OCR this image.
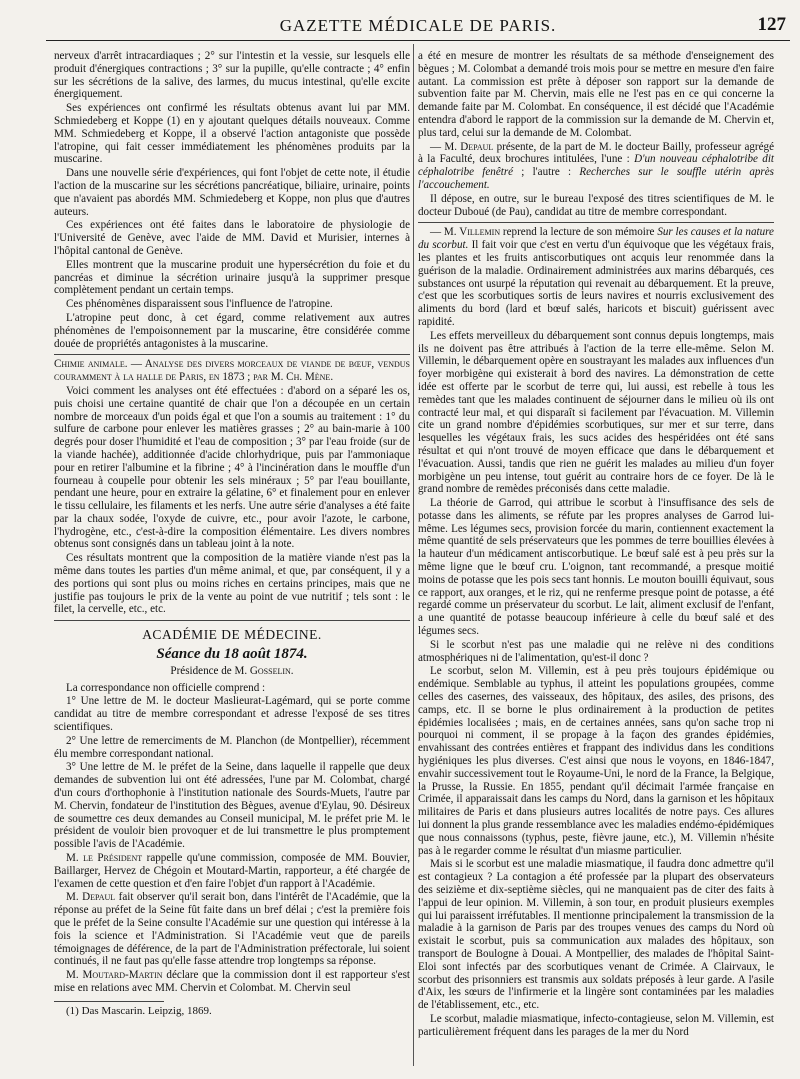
GAZETTE MÉDICALE DE PARIS.	127

nerveux d'arrêt intracardiaques ; 2° sur l'intestin et la vessie, sur lesquels elle produit d'énergiques contractions ; 3° sur la pupille, qu'elle contracte ; 4° enfin sur les sécrétions de la salive, des larmes, du mucus intestinal, qu'elle excite énergiquement.

Ses expériences ont confirmé les résultats obtenus avant lui par MM. Schmiedeberg et Koppe (1) en y ajoutant quelques détails nouveaux. Comme MM. Schmiedeberg et Koppe, il a observé l'action antagoniste que possède l'atropine, qui fait cesser immédiatement les phénomènes produits par la muscarine.

Dans une nouvelle série d'expériences, qui font l'objet de cette note, il étudie l'action de la muscarine sur les sécrétions pancréatique, biliaire, urinaire, points que n'avaient pas abordés MM. Schmiedeberg et Koppe, non plus que d'autres auteurs.

Ces expériences ont été faites dans le laboratoire de physiologie de l'Université de Genève, avec l'aide de MM. David et Murisier, internes à l'hôpital cantonal de Genève.

Elles montrent que la muscarine produit une hypersécrétion du foie et du pancréas et diminue la sécrétion urinaire jusqu'à la supprimer presque complètement pendant un certain temps.

Ces phénomènes disparaissent sous l'influence de l'atropine.

L'atropine peut donc, à cet égard, comme relativement aux autres phénomènes de l'empoisonnement par la muscarine, être considérée comme douée de propriétés antagonistes à la muscarine.

Chimie animale. — Analyse des divers morceaux de viande de bœuf, vendus couramment à la halle de Paris, en 1873 ; par M. Ch. Mène.

Voici comment les analyses ont été effectuées : d'abord on a séparé les os, puis choisi une certaine quantité de chair que l'on a découpée en un certain nombre de morceaux d'un poids égal et que l'on a soumis au traitement : 1° du sulfure de carbone pour enlever les matières grasses ; 2° au bain-marie à 100 degrés pour doser l'humidité et l'eau de composition ; 3° par l'eau froide (sur de la viande hachée), additionnée d'acide chlorhydrique, puis par l'ammoniaque pour en retirer l'albumine et la fibrine ; 4° à l'incinération dans le mouffle d'un fourneau à coupelle pour obtenir les sels minéraux ; 5° par l'eau bouillante, pendant une heure, pour en extraire la gélatine, 6° et finalement pour en enlever le tissu cellulaire, les filaments et les nerfs. Une autre série d'analyses a été faite par la chaux sodée, l'oxyde de cuivre, etc., pour avoir l'azote, le carbone, l'hydrogène, etc., c'est-à-dire la composition élémentaire. Les divers nombres obtenus sont consignés dans un tableau joint à la note.

Ces résultats montrent que la composition de la matière viande n'est pas la même dans toutes les parties d'un même animal, et que, par conséquent, il y a des portions qui sont plus ou moins riches en certains principes, mais que ne justifie pas toujours le prix de la vente au point de vue nutritif ; tels sont : le filet, la cervelle, etc., etc.

ACADÉMIE DE MÉDECINE.
Séance du 18 août 1874.
Présidence de M. Gosselin.

La correspondance non officielle comprend :

1° Une lettre de M. le docteur Maslieurat-Lagémard, qui se porte comme candidat au titre de membre correspondant et adresse l'exposé de ses titres scientifiques.

2° Une lettre de remerciments de M. Planchon (de Montpellier), récemment élu membre correspondant national.

3° Une lettre de M. le préfet de la Seine, dans laquelle il rappelle que deux demandes de subvention lui ont été adressées, l'une par M. Colombat, chargé d'un cours d'orthophonie à l'institution nationale des Sourds-Muets, l'autre par M. Chervin, fondateur de l'institution des Bègues, avenue d'Eylau, 90. Désireux de soumettre ces deux demandes au Conseil municipal, M. le préfet prie M. le président de vouloir bien provoquer et de lui transmettre le plus promptement possible l'avis de l'Académie.

M. le Président rappelle qu'une commission, composée de MM. Bouvier, Baillarger, Hervez de Chégoin et Moutard-Martin, rapporteur, a été chargée de l'examen de cette question et d'en faire l'objet d'un rapport à l'Académie.

M. Depaul fait observer qu'il serait bon, dans l'intérêt de l'Académie, que la réponse au préfet de la Seine fût faite dans un bref délai ; c'est la première fois que le préfet de la Seine consulte l'Académie sur une question qui intéresse à la fois la science et l'Administration. Si l'Académie veut que de pareils témoignages de déférence, de la part de l'Administration préfectorale, lui soient continués, il ne faut pas qu'elle fasse attendre trop longtemps sa réponse.

M. Moutard-Martin déclare que la commission dont il est rapporteur s'est mise en relations avec MM. Chervin et Colombat. M. Chervin seul

(1) Das Mascarin. Leipzig, 1869.

a été en mesure de montrer les résultats de sa méthode d'enseignement des bègues ; M. Colombat a demandé trois mois pour se mettre en mesure d'en faire autant. La commission est prête à déposer son rapport sur la demande de subvention faite par M. Chervin, mais elle ne l'est pas en ce qui concerne la demande faite par M. Colombat. En conséquence, il est décidé que l'Académie entendra d'abord le rapport de la commission sur la demande de M. Chervin et, plus tard, celui sur la demande de M. Colombat.

— M. Depaul présente, de la part de M. le docteur Bailly, professeur agrégé à la Faculté, deux brochures intitulées, l'une : D'un nouveau céphalotribe dit céphalotribe fenêtré ; l'autre : Recherches sur le souffle utérin après l'accouchement.

Il dépose, en outre, sur le bureau l'exposé des titres scientifiques de M. le docteur Duboué (de Pau), candidat au titre de membre correspondant.

— M. Villemin reprend la lecture de son mémoire Sur les causes et la nature du scorbut. Il fait voir que c'est en vertu d'un équivoque que les végétaux frais, les plantes et les fruits antiscorbutiques ont acquis leur renommée dans la guérison de la maladie. Ordinairement administrées aux marins débarqués, ces substances ont usurpé la réputation qui revenait au débarquement. Et la preuve, c'est que les scorbutiques sortis de leurs navires et nourris exclusivement des aliments du bord (lard et bœuf salés, haricots et biscuit) guérissent avec rapidité.

Les effets merveilleux du débarquement sont connus depuis longtemps, mais ils ne doivent pas être attribués à l'action de la terre elle-même. Selon M. Villemin, le débarquement opère en soustrayant les malades aux influences d'un foyer morbigène qui existerait à bord des navires. La démonstration de cette idée est offerte par le scorbut de terre qui, lui aussi, est rebelle à tous les remèdes tant que les malades continuent de séjourner dans le milieu où ils ont contracté leur mal, et qui disparaît si facilement par l'évacuation. M. Villemin cite un grand nombre d'épidémies scorbutiques, sur mer et sur terre, dans lesquelles les végétaux frais, les sucs acides des hespéridées ont été sans résultat et qui n'ont trouvé de moyen efficace que dans le débarquement et l'évacuation. Aussi, tandis que rien ne guérit les malades au milieu d'un foyer morbigène un peu intense, tout guérit au contraire hors de ce foyer. De là le grand nombre de remèdes préconisés dans cette maladie.

La théorie de Garrod, qui attribue le scorbut à l'insuffisance des sels de potasse dans les aliments, se réfute par les propres analyses de Garrod lui-même. Les légumes secs, provision forcée du marin, contiennent exactement la même quantité de sels préservateurs que les pommes de terre bouillies élevées à la hauteur d'un médicament antiscorbutique. Le bœuf salé est à peu près sur la même ligne que le bœuf cru. L'oignon, tant recommandé, a presque moitié moins de potasse que les pois secs tant honnis. Le mouton bouilli équivaut, sous ce rapport, aux oranges, et le riz, qui ne renferme presque point de potasse, a été regardé comme un préservateur du scorbut. Le lait, aliment exclusif de l'enfant, a une quantité de potasse beaucoup inférieure à celle du bœuf salé et des légumes secs.

Si le scorbut n'est pas une maladie qui ne relève ni des conditions atmosphériques ni de l'alimentation, qu'est-il donc ?

Le scorbut, selon M. Villemin, est à peu près toujours épidémique ou endémique. Semblable au typhus, il atteint les populations groupées, comme celles des casernes, des vaisseaux, des hôpitaux, des asiles, des prisons, des camps, etc. Il se borne le plus ordinairement à la production de petites épidémies localisées ; mais, en de certaines années, sans qu'on sache trop ni pourquoi ni comment, il se propage à la façon des grandes épidémies, envahissant des contrées entières et frappant des individus dans les conditions hygiéniques les plus diverses. C'est ainsi que nous le voyons, en 1846-1847, envahir successivement tout le Royaume-Uni, le nord de la France, la Belgique, la Prusse, la Russie. En 1855, pendant qu'il décimait l'armée française en Crimée, il apparaissait dans les camps du Nord, dans la garnison et les hôpitaux militaires de Paris et dans plusieurs autres localités de notre pays. Ces allures lui donnent la plus grande ressemblance avec les maladies endémo-épidémiques que nous connaissons (typhus, peste, fièvre jaune, etc.), M. Villemin n'hésite pas à le regarder comme le résultat d'un miasme particulier.

Mais si le scorbut est une maladie miasmatique, il faudra donc admettre qu'il est contagieux ? La contagion a été professée par la plupart des observateurs des seizième et dix-septième siècles, qui ne manquaient pas de citer des faits à l'appui de leur opinion. M. Villemin, à son tour, en produit plusieurs exemples qui lui paraissent irréfutables. Il mentionne principalement la transmission de la maladie à la garnison de Paris par des troupes venues des camps du Nord où existait le scorbut, puis sa communication aux malades des hôpitaux, son transport de Boulogne à Douai. A Montpellier, des malades de l'hôpital Saint-Eloi sont infectés par des scorbutiques venant de Crimée. A Clairvaux, le scorbut des prisonniers est transmis aux soldats préposés à leur garde. A l'asile d'Aix, les sœurs de l'infirmerie et la lingère sont contaminées par les maladies de l'établissement, etc., etc.

Le scorbut, maladie miasmatique, infecto-contagieuse, selon M. Villemin, est particulièrement fréquent dans les parages de la mer du Nord
